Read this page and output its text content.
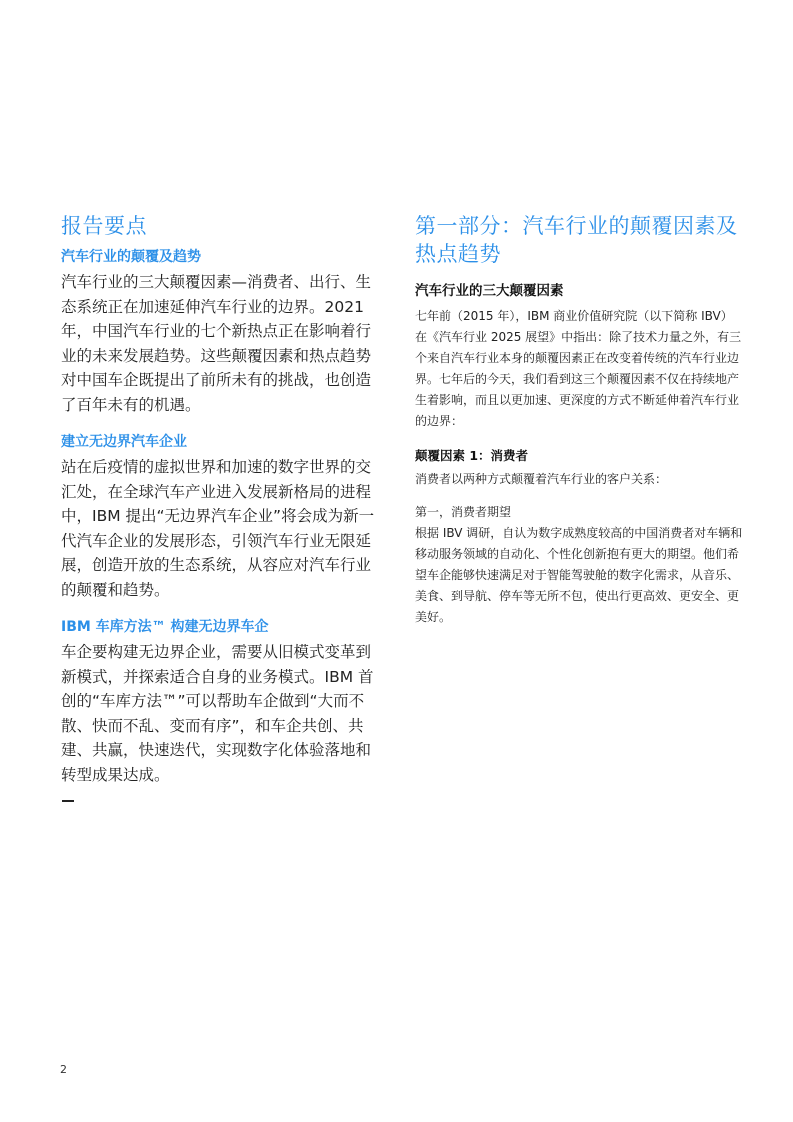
报告要点
汽车行业的颠覆及趋势

汽车行业的三大颠覆因素—消费者、出行、生态系统正在加速延伸汽车行业的边界。2021年，中国汽车行业的七个新热点正在影响着行业的未来发展趋势。这些颠覆因素和热点趋势对中国车企既提出了前所未有的挑战，也创造了百年未有的机遇。

建立无边界汽车企业

站在后疫情的虚拟世界和加速的数字世界的交汇处，在全球汽车产业进入发展新格局的进程中，IBM 提出“无边界汽车企业”将会成为新一代汽车企业的发展形态，引领汽车行业无限延展，创造开放的生态系统，从容应对汽车行业的颠覆和趋势。

IBM 车库方法™ 构建无边界车企

车企要构建无边界企业，需要从旧模式变革到新模式，并探索适合自身的业务模式。IBM 首创的“车库方法™”可以帮助车企做到“大而不散、快而不乱、变而有序”，和车企共创、共建、共赢，快速迭代，实现数字化体验落地和转型成果达成。

第一部分：汽车行业的颠覆因素及热点趋势
汽车行业的三大颠覆因素

七年前（2015 年），IBM 商业价值研究院（以下简称 IBV）在《汽车行业 2025 展望》中指出：除了技术力量之外，有三个来自汽车行业本身的颠覆因素正在改变着传统的汽车行业边界。七年后的今天，我们看到这三个颠覆因素不仅在持续地产生着影响，而且以更加速、更深度的方式不断延伸着汽车行业的边界：

颠覆因素 1：消费者

消费者以两种方式颠覆着汽车行业的客户关系：

第一，消费者期望

根据 IBV 调研，自认为数字成熟度较高的中国消费者对车辆和移动服务领域的自动化、个性化创新抱有更大的期望。他们希望车企能够快速满足对于智能驾驶舱的数字化需求，从音乐、美食、到导航、停车等无所不包，使出行更高效、更安全、更美好。

2
